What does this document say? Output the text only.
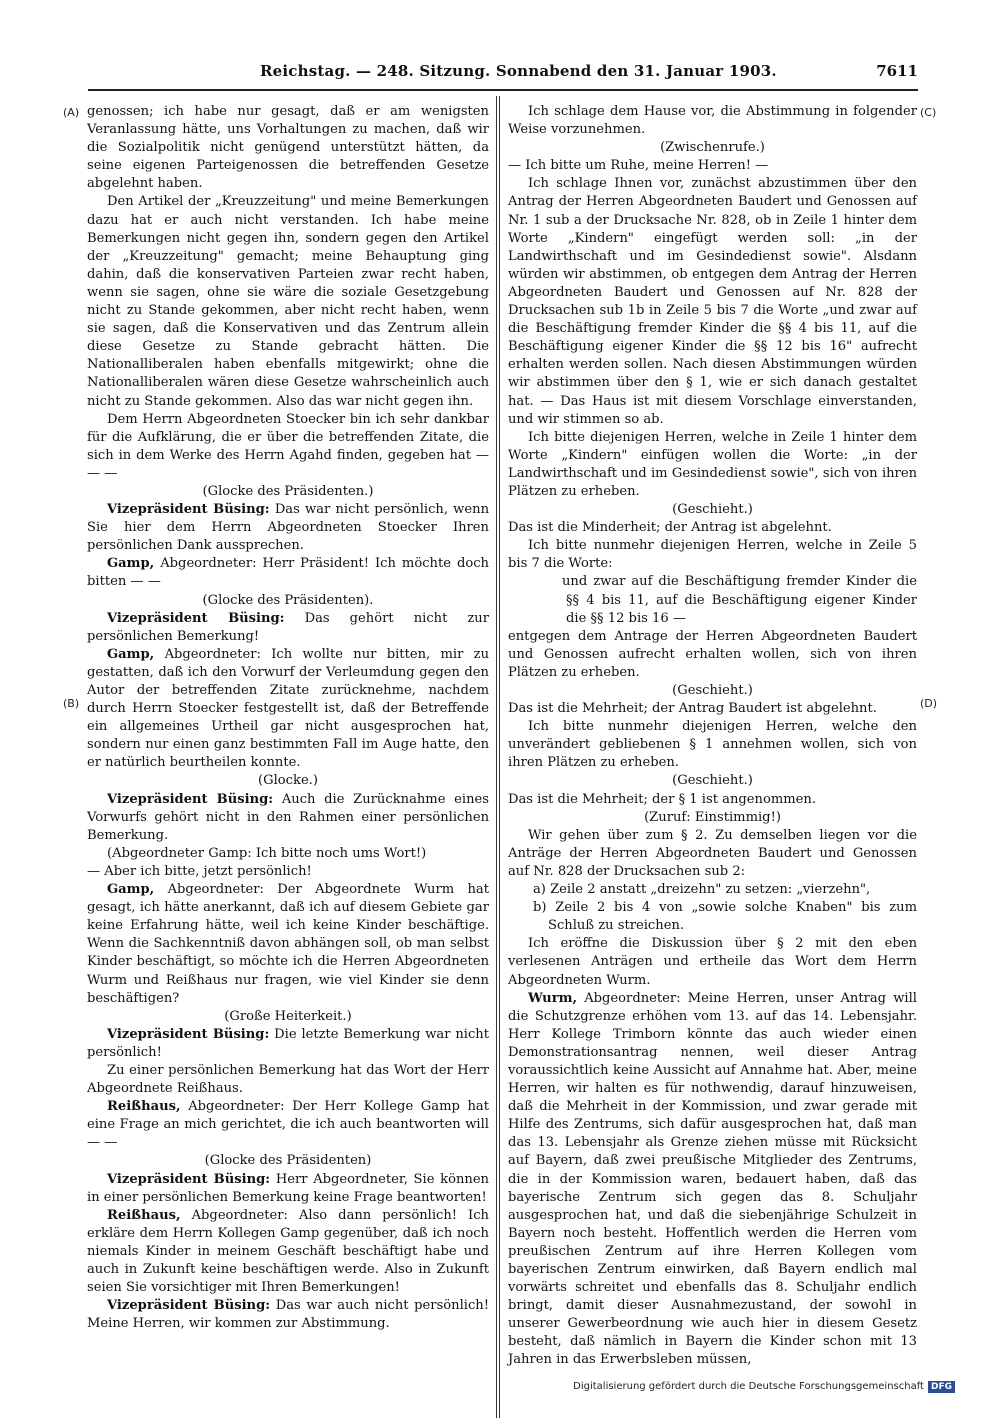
Reichstag. — 248. Sitzung. Sonnabend den 31. Januar 1903.	7611
(A)
(B)
(C)
(D)

genossen; ich habe nur gesagt, daß er am wenigsten Veranlassung hätte, uns Vorhaltungen zu machen, daß wir die Sozialpolitik nicht genügend unterstützt hätten, da seine eigenen Parteigenossen die betreffenden Gesetze abgelehnt haben.

Den Artikel der „Kreuzzeitung" und meine Bemerkungen dazu hat er auch nicht verstanden. Ich habe meine Bemerkungen nicht gegen ihn, sondern gegen den Artikel der „Kreuzzeitung" gemacht; meine Behauptung ging dahin, daß die konservativen Parteien zwar recht haben, wenn sie sagen, ohne sie wäre die soziale Gesetzgebung nicht zu Stande gekommen, aber nicht recht haben, wenn sie sagen, daß die Konservativen und das Zentrum allein diese Gesetze zu Stande gebracht hätten. Die Nationalliberalen haben ebenfalls mitgewirkt; ohne die Nationalliberalen wären diese Gesetze wahrscheinlich auch nicht zu Stande gekommen. Also das war nicht gegen ihn.

Dem Herrn Abgeordneten Stoecker bin ich sehr dankbar für die Aufklärung, die er über die betreffenden Zitate, die sich in dem Werke des Herrn Agahd finden, gegeben hat — — —

(Glocke des Präsidenten.)

Vizepräsident Büsing: Das war nicht persönlich, wenn Sie hier dem Herrn Abgeordneten Stoecker Ihren persönlichen Dank aussprechen.

Gamp, Abgeordneter: Herr Präsident! Ich möchte doch bitten — —

(Glocke des Präsidenten).

Vizepräsident Büsing: Das gehört nicht zur persönlichen Bemerkung!

Gamp, Abgeordneter: Ich wollte nur bitten, mir zu gestatten, daß ich den Vorwurf der Verleumdung gegen den Autor der betreffenden Zitate zurücknehme, nachdem durch Herrn Stoecker festgestellt ist, daß der Betreffende ein allgemeines Urtheil gar nicht ausgesprochen hat, sondern nur einen ganz bestimmten Fall im Auge hatte, den er natürlich beurtheilen konnte.

(Glocke.)

Vizepräsident Büsing: Auch die Zurücknahme eines Vorwurfs gehört nicht in den Rahmen einer persönlichen Bemerkung.

(Abgeordneter Gamp: Ich bitte noch ums Wort!)

— Aber ich bitte, jetzt persönlich!

Gamp, Abgeordneter: Der Abgeordnete Wurm hat gesagt, ich hätte anerkannt, daß ich auf diesem Gebiete gar keine Erfahrung hätte, weil ich keine Kinder beschäftige. Wenn die Sachkenntniß davon abhängen soll, ob man selbst Kinder beschäftigt, so möchte ich die Herren Abgeordneten Wurm und Reißhaus nur fragen, wie viel Kinder sie denn beschäftigen?

(Große Heiterkeit.)

Vizepräsident Büsing: Die letzte Bemerkung war nicht persönlich!

Zu einer persönlichen Bemerkung hat das Wort der Herr Abgeordnete Reißhaus.

Reißhaus, Abgeordneter: Der Herr Kollege Gamp hat eine Frage an mich gerichtet, die ich auch beantworten will — —

(Glocke des Präsidenten)

Vizepräsident Büsing: Herr Abgeordneter, Sie können in einer persönlichen Bemerkung keine Frage beantworten!

Reißhaus, Abgeordneter: Also dann persönlich! Ich erkläre dem Herrn Kollegen Gamp gegenüber, daß ich noch niemals Kinder in meinem Geschäft beschäftigt habe und auch in Zukunft keine beschäftigen werde. Also in Zukunft seien Sie vorsichtiger mit Ihren Bemerkungen!

Vizepräsident Büsing: Das war auch nicht persönlich! Meine Herren, wir kommen zur Abstimmung.

Ich schlage dem Hause vor, die Abstimmung in folgender Weise vorzunehmen.

(Zwischenrufe.)

— Ich bitte um Ruhe, meine Herren! —

Ich schlage Ihnen vor, zunächst abzustimmen über den Antrag der Herren Abgeordneten Baudert und Genossen auf Nr. 1 sub a der Drucksache Nr. 828, ob in Zeile 1 hinter dem Worte „Kindern" eingefügt werden soll: „in der Landwirthschaft und im Gesindedienst sowie". Alsdann würden wir abstimmen, ob entgegen dem Antrag der Herren Abgeordneten Baudert und Genossen auf Nr. 828 der Drucksachen sub 1b in Zeile 5 bis 7 die Worte „und zwar auf die Beschäftigung fremder Kinder die §§ 4 bis 11, auf die Beschäftigung eigener Kinder die §§ 12 bis 16" aufrecht erhalten werden sollen. Nach diesen Abstimmungen würden wir abstimmen über den § 1, wie er sich danach gestaltet hat. — Das Haus ist mit diesem Vorschlage einverstanden, und wir stimmen so ab.

Ich bitte diejenigen Herren, welche in Zeile 1 hinter dem Worte „Kindern" einfügen wollen die Worte: „in der Landwirthschaft und im Gesindedienst sowie", sich von ihren Plätzen zu erheben.

(Geschieht.)

Das ist die Minderheit; der Antrag ist abgelehnt.

Ich bitte nunmehr diejenigen Herren, welche in Zeile 5 bis 7 die Worte:

und zwar auf die Beschäftigung fremder Kinder die §§ 4 bis 11, auf die Beschäftigung eigener Kinder die §§ 12 bis 16 —

entgegen dem Antrage der Herren Abgeordneten Baudert und Genossen aufrecht erhalten wollen, sich von ihren Plätzen zu erheben.

(Geschieht.)

Das ist die Mehrheit; der Antrag Baudert ist abgelehnt.

Ich bitte nunmehr diejenigen Herren, welche den unverändert gebliebenen § 1 annehmen wollen, sich von ihren Plätzen zu erheben.

(Geschieht.)

Das ist die Mehrheit; der § 1 ist angenommen.

(Zuruf: Einstimmig!)

Wir gehen über zum § 2. Zu demselben liegen vor die Anträge der Herren Abgeordneten Baudert und Genossen auf Nr. 828 der Drucksachen sub 2:

a) Zeile 2 anstatt „dreizehn" zu setzen: „vierzehn",

b) Zeile 2 bis 4 von „sowie solche Knaben" bis zum Schluß zu streichen.

Ich eröffne die Diskussion über § 2 mit den eben verlesenen Anträgen und ertheile das Wort dem Herrn Abgeordneten Wurm.

Wurm, Abgeordneter: Meine Herren, unser Antrag will die Schutzgrenze erhöhen vom 13. auf das 14. Lebensjahr. Herr Kollege Trimborn könnte das auch wieder einen Demonstrationsantrag nennen, weil dieser Antrag voraussichtlich keine Aussicht auf Annahme hat. Aber, meine Herren, wir halten es für nothwendig, darauf hinzuweisen, daß die Mehrheit in der Kommission, und zwar gerade mit Hilfe des Zentrums, sich dafür ausgesprochen hat, daß man das 13. Lebensjahr als Grenze ziehen müsse mit Rücksicht auf Bayern, daß zwei preußische Mitglieder des Zentrums, die in der Kommission waren, bedauert haben, daß das bayerische Zentrum sich gegen das 8. Schuljahr ausgesprochen hat, und daß die siebenjährige Schulzeit in Bayern noch besteht. Hoffentlich werden die Herren vom preußischen Zentrum auf ihre Herren Kollegen vom bayerischen Zentrum einwirken, daß Bayern endlich mal vorwärts schreitet und ebenfalls das 8. Schuljahr endlich bringt, damit dieser Ausnahmezustand, der sowohl in unserer Gewerbeordnung wie auch hier in diesem Gesetz besteht, daß nämlich in Bayern die Kinder schon mit 13 Jahren in das Erwerbsleben müssen,

Digitalisierung gefördert durch die Deutsche Forschungsgemeinschaft DFG
